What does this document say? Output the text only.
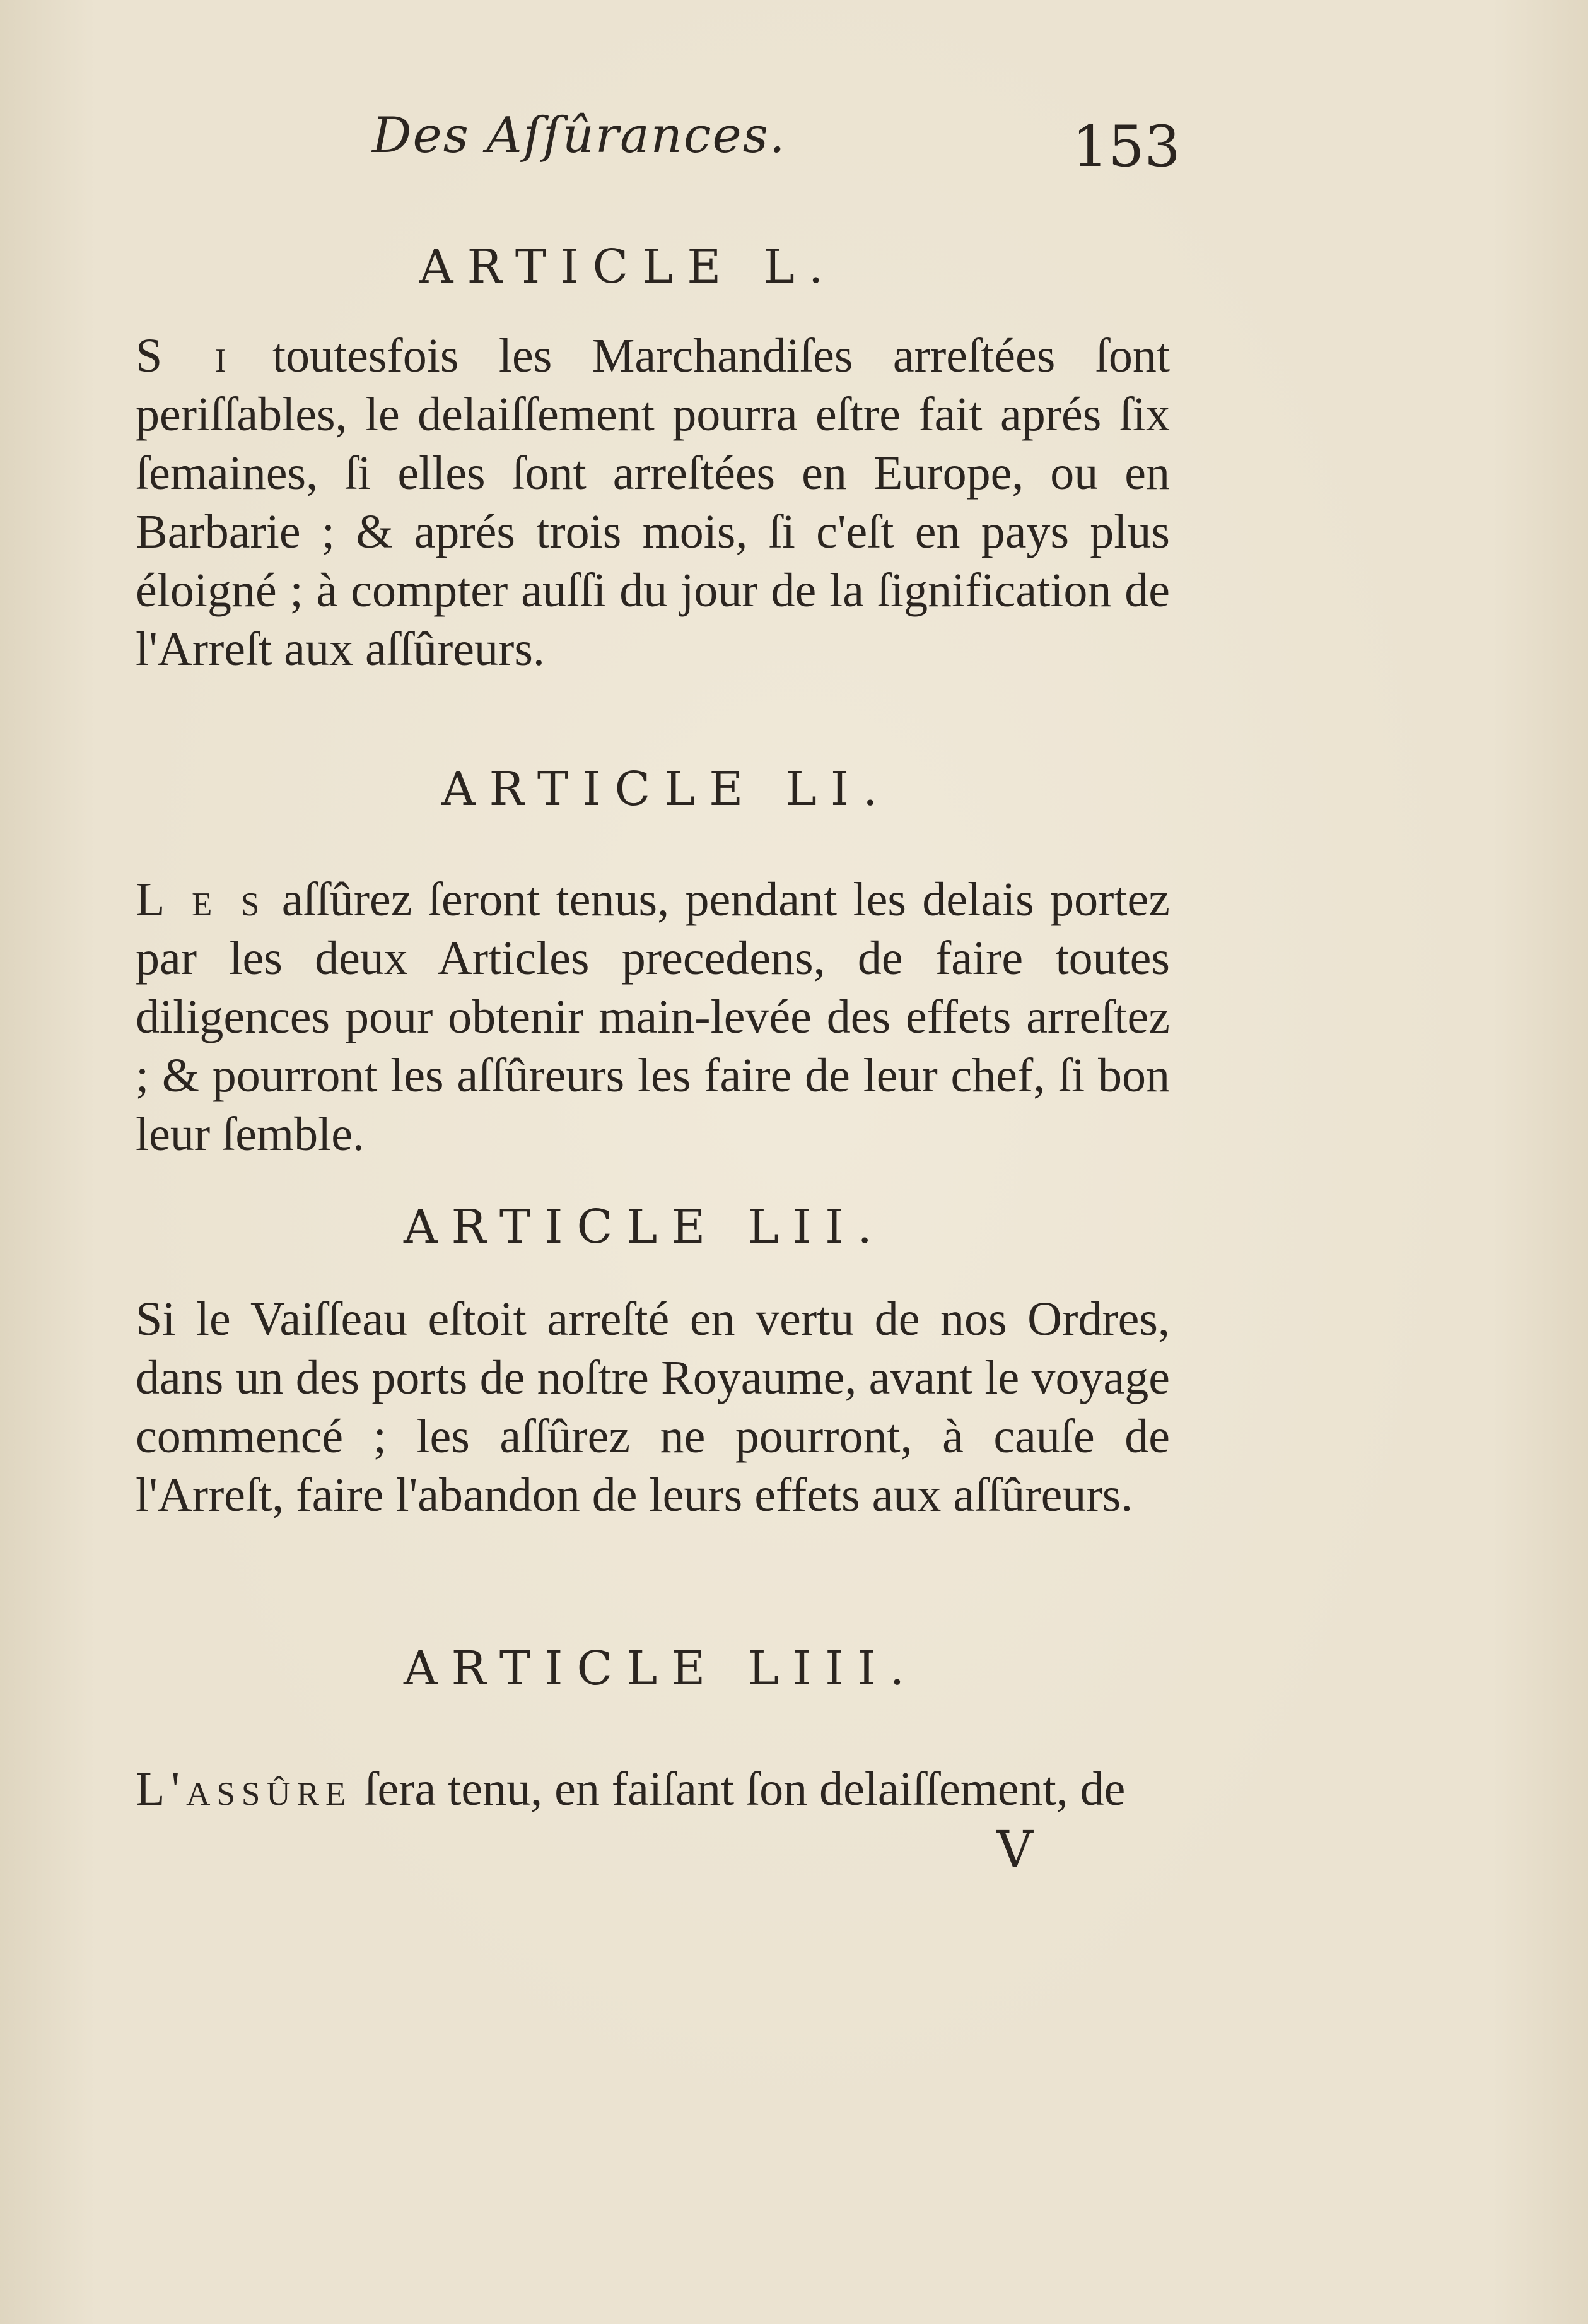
Des Aſſûrances.	153
ARTICLE L.

S i toutesfois les Marchandiſes arreſtées ſont periſſables, le delaiſſement pourra eſtre fait aprés ſix ſemaines, ſi elles ſont arreſtées en Europe, ou en Barbarie ; & aprés trois mois, ſi c'eſt en pays plus éloigné ; à compter auſſi du jour de la ſignification de l'Arreſt aux aſſûreurs.

ARTICLE LI.

L e s aſſûrez ſeront tenus, pendant les delais portez par les deux Articles precedens, de faire toutes diligences pour obtenir main-levée des effets arreſtez ; & pourront les aſſûreurs les faire de leur chef, ſi bon leur ſemble.

ARTICLE LII.

Si le Vaiſſeau eſtoit arreſté en vertu de nos Ordres, dans un des ports de noſtre Royaume, avant le voyage commencé ; les aſſûrez ne pourront, à cauſe de l'Arreſt, faire l'abandon de leurs effets aux aſſûreurs.

ARTICLE LIII.

L'assûre ſera tenu, en faiſant ſon delaiſſement, de

V
